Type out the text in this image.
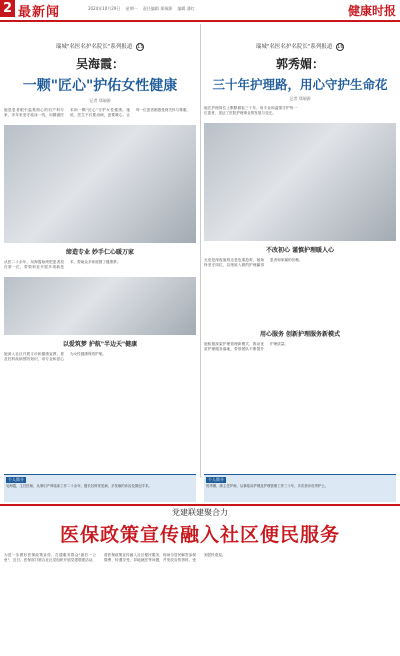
2 最新闻	2024年10月29日 星期一 责任编辑 郑瑞源 编辑 潘红	健康时报
瑞城"名医名护名院长"系列报道 15
吴海霞：
一颗"匠心"护佑女性健康
记者 郑瑞源
她是患者眼中温柔细心的妇产科专家，多年来坚守临床一线，用精湛医术和一颗"匠心"守护女性健康。她说，医生不仅要治病，更要暖心，让每一位患者都感受到关怀与尊重。
缔造专业 妙手仁心暖万家
从医二十余年，吴海霞始终把患者放在第一位，带领科室开展多项新技术，帮助众多家庭圆了健康梦。
以爱筑梦 护航"半边天"健康
她深入社区开展义诊和健康宣教，普及妇科疾病预防知识，用专业和爱心为女性健康保驾护航。
瑞城"名医名护名院长"系列报道 16
郭秀媚：
三十年护理路，用心守护生命花
记者 郑瑞源
她在护理岗位上默默耕耘三十年，用专业和温情守护每一位患者，见证了医院护理事业的发展与变迁。
不改初心 谨慎护理暖人心
无论是深夜值班还是危重抢救，她始终坚守岗位，以细致入微的护理赢得患者和家属的信赖。
用心服务 创新护理服务新模式
她积极探索护理管理新模式，推动优质护理服务落地，带领团队不断提升护理质量。
个人简介
吴海霞，主任医师，从事妇产科临床工作二十余年，擅长妇科常见病、多发病的诊治及微创手术。
个人简介
郭秀媚，副主任护师，从事临床护理及护理管理工作三十年，多次获评优秀护士。
党建联建聚合力
医保政策宣传融入社区便民服务
为进一步做好医保政策宣传，打通服务群众"最后一公里"，近日，医保部门联合社区党组织开展党建联建活动，将医保政策宣传融入社区便民服务，现场为居民解答参保缴费、待遇享受、异地就医等问题，并发放宣传资料，受到居民欢迎。
